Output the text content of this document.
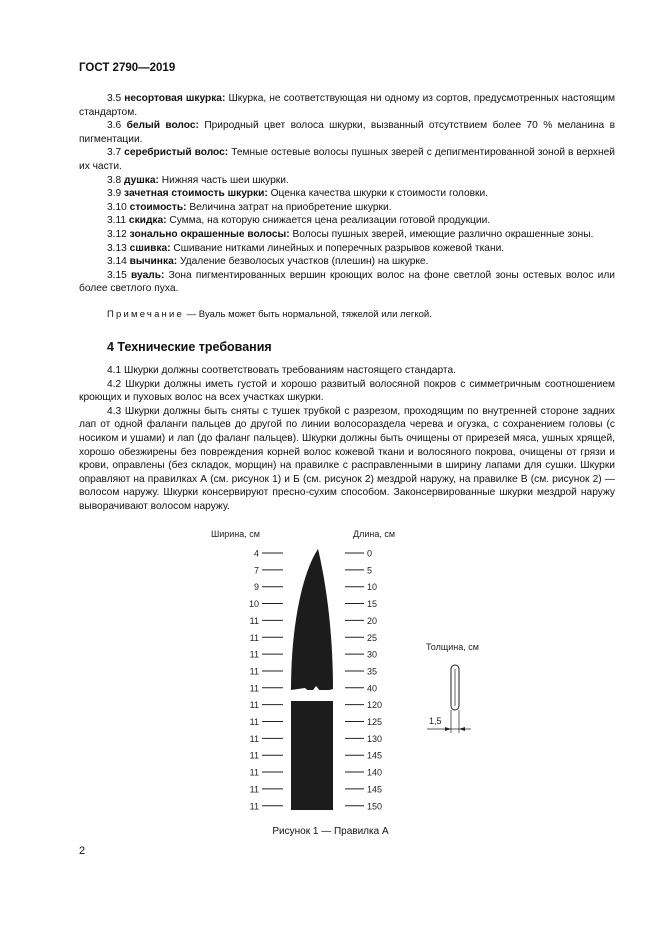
ГОСТ 2790—2019

3.5 несортовая шкурка: Шкурка, не соответствующая ни одному из сортов, предусмотренных настоящим стандартом.

3.6 белый волос: Природный цвет волоса шкурки, вызванный отсутствием более 70 % меланина в пигментации.

3.7 серебристый волос: Темные остевые волосы пушных зверей с депигментированной зоной в верхней их части.

3.8 душка: Нижняя часть шеи шкурки.

3.9 зачетная стоимость шкурки: Оценка качества шкурки к стоимости головки.

3.10 стоимость: Величина затрат на приобретение шкурки.

3.11 скидка: Сумма, на которую снижается цена реализации готовой продукции.

3.12 зонально окрашенные волосы: Волосы пушных зверей, имеющие различно окрашенные зоны.

3.13 сшивка: Сшивание нитками линейных и поперечных разрывов кожевой ткани.

3.14 вычинка: Удаление безволосых участков (плешин) на шкурке.

3.15 вуаль: Зона пигментированных вершин кроющих волос на фоне светлой зоны остевых волос или более светлого пуха.

Примечание — Вуаль может быть нормальной, тяжелой или легкой.

4 Технические требования

4.1 Шкурки должны соответствовать требованиям настоящего стандарта.

4.2 Шкурки должны иметь густой и хорошо развитый волосяной покров с симметричным соотношением кроющих и пуховых волос на всех участках шкурки.

4.3 Шкурки должны быть сняты с тушек трубкой с разрезом, проходящим по внутренней стороне задних лап от одной фаланги пальцев до другой по линии волосораздела черева и огузка, с сохранением головы (с носиком и ушами) и лап (до фаланг пальцев). Шкурки должны быть очищены от прирезей мяса, ушных хрящей, хорошо обезжирены без повреждения корней волос кожевой ткани и волосяного покрова, очищены от грязи и крови, оправлены (без складок, морщин) на правилке с расправленными в ширину лапами для сушки. Шкурки оправляют на правилках А (см. рисунок 1) и Б (см. рисунок 2) мездрой наружу, на правилке В (см. рисунок 2) — волосом наружу. Шкурки консервируют пресно-сухим способом. Законсервированные шкурки мездрой наружу выворачивают волосом наружу.

Ширина, см	Длина, см
4
7
9
10
11
11
11
11
11
11
11
11
11
11
11
11
0
5
10
15
20
25
30
35
40
120
125
130
145
140
145
150
Толщина, см
1,5
Рисунок 1 — Правилка А
2
